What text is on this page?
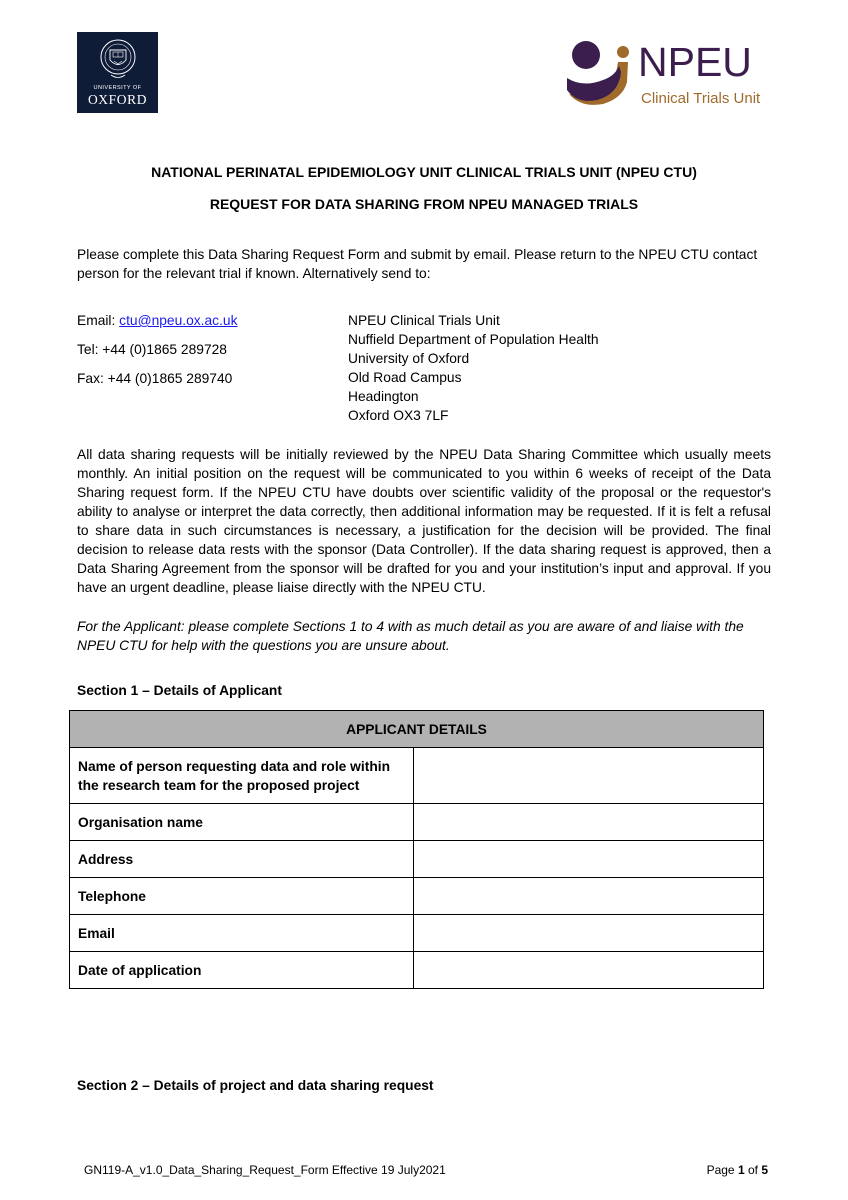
UNIVERSITY OF
OXFORD
NPEU
Clinical Trials Unit
NATIONAL PERINATAL EPIDEMIOLOGY UNIT CLINICAL TRIALS UNIT (NPEU CTU)
REQUEST FOR DATA SHARING FROM NPEU MANAGED TRIALS
Please complete this Data Sharing Request Form and submit by email. Please return to the NPEU CTU contact person for the relevant trial if known. Alternatively send to:
Email: ctu@npeu.ox.ac.uk
Tel: +44 (0)1865 289728
Fax: +44 (0)1865 289740
NPEU Clinical Trials Unit
Nuffield Department of Population Health
University of Oxford
Old Road Campus
Headington
Oxford OX3 7LF
All data sharing requests will be initially reviewed by the NPEU Data Sharing Committee which usually meets monthly. An initial position on the request will be communicated to you within 6 weeks of receipt of the Data Sharing request form. If the NPEU CTU have doubts over scientific validity of the proposal or the requestor's ability to analyse or interpret the data correctly, then additional information may be requested. If it is felt a refusal to share data in such circumstances is necessary, a justification for the decision will be provided. The final decision to release data rests with the sponsor (Data Controller). If the data sharing request is approved, then a Data Sharing Agreement from the sponsor will be drafted for you and your institution’s input and approval. If you have an urgent deadline, please liaise directly with the NPEU CTU.
For the Applicant: please complete Sections 1 to 4 with as much detail as you are aware of and liaise with the NPEU CTU for help with the questions you are unsure about.
Section 1 – Details of Applicant
APPLICANT DETAILS	
Name of person requesting data and role within the research team for the proposed project	
Organisation name	
Address	
Telephone	
Email	
Date of application	
Section 2 – Details of project and data sharing request
GN119-A_v1.0_Data_Sharing_Request_Form Effective 19 July2021	Page 1 of 5
